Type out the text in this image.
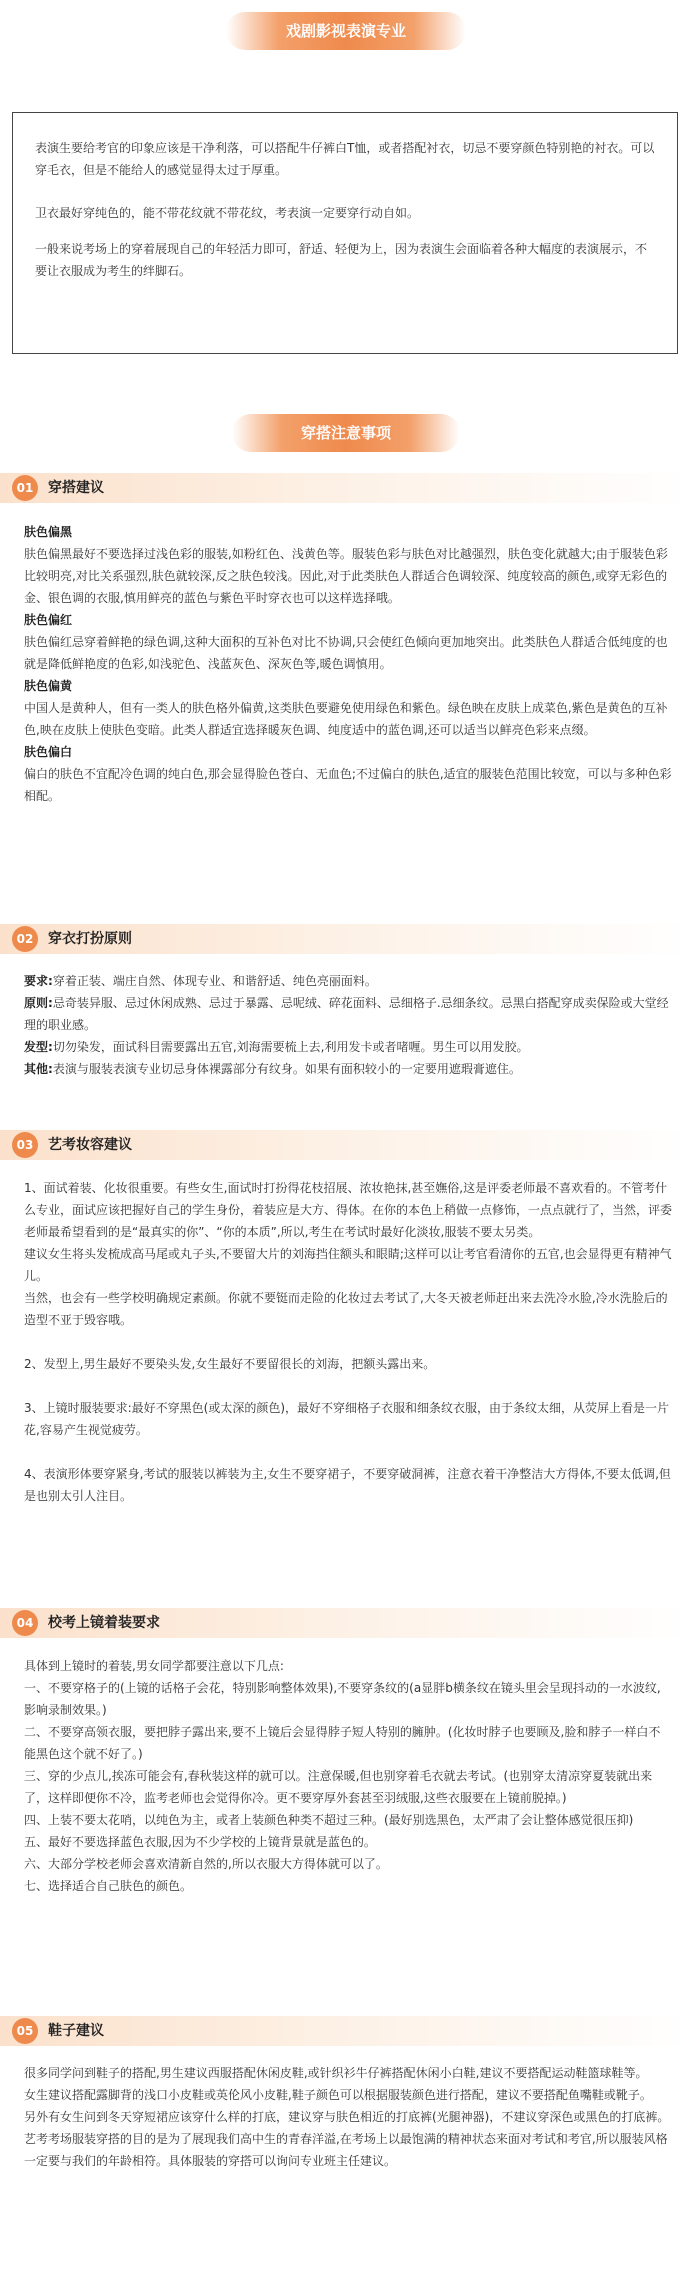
戏剧影视表演专业

表演生要给考官的印象应该是干净利落，可以搭配牛仔裤白T恤，或者搭配衬衣，切忌不要穿颜色特别艳的衬衣。可以穿毛衣，但是不能给人的感觉显得太过于厚重。

卫衣最好穿纯色的，能不带花纹就不带花纹，考表演一定要穿行动自如。

一般来说考场上的穿着展现自己的年轻活力即可，舒适、轻便为上，因为表演生会面临着各种大幅度的表演展示，不要让衣服成为考生的绊脚石。

穿搭注意事项
01	穿搭建议

肤色偏黑

肤色偏黑最好不要选择过浅色彩的服装,如粉红色、浅黄色等。服装色彩与肤色对比越强烈，肤色变化就越大;由于服装色彩比较明亮,对比关系强烈,肤色就较深,反之肤色较浅。因此,对于此类肤色人群适合色调较深、纯度较高的颜色,或穿无彩色的金、银色调的衣服,慎用鲜亮的蓝色与紫色平时穿衣也可以这样选择哦。

肤色偏红

肤色偏红忌穿着鲜艳的绿色调,这种大面积的互补色对比不协调,只会使红色倾向更加地突出。此类肤色人群适合低纯度的也就是降低鲜艳度的色彩,如浅驼色、浅蓝灰色、深灰色等,暖色调慎用。

肤色偏黄

中国人是黄种人，但有一类人的肤色格外偏黄,这类肤色要避免使用绿色和紫色。绿色映在皮肤上成菜色,紫色是黄色的互补色,映在皮肤上使肤色变暗。此类人群适宜选择暖灰色调、纯度适中的蓝色调,还可以适当以鲜亮色彩来点缀。

肤色偏白

偏白的肤色不宜配冷色调的纯白色,那会显得脸色苍白、无血色;不过偏白的肤色,适宜的服装色范围比较宽，可以与多种色彩相配。

02	穿衣打扮原则

要求:穿着正装、端庄自然、体现专业、和谐舒适、纯色亮丽面料。

原则:忌奇装异服、忌过休闲成熟、忌过于暴露、忌呢绒、碎花面料、忌细格子.忌细条纹。忌黑白搭配穿成卖保险或大堂经理的职业感。

发型:切勿染发，面试科目需要露出五官,刘海需要梳上去,利用发卡或者啫喱。男生可以用发胶。

其他:表演与服装表演专业切忌身体裸露部分有纹身。如果有面积较小的一定要用遮瑕膏遮住。

03	艺考妆容建议

1、面试着装、化妆很重要。有些女生,面试时打扮得花枝招展、浓妆艳抹,甚至嫵俗,这是评委老师最不喜欢看的。不管考什么专业，面试应该把握好自己的学生身份，着装应是大方、得体。在你的本色上稍做一点修饰，一点点就行了，当然，评委老师最希望看到的是“最真实的你”、“你的本质”,所以,考生在考试时最好化淡妆,服装不要太另类。

建议女生将头发梳成高马尾或丸子头,不要留大片的刘海挡住额头和眼睛;这样可以让考官看清你的五官,也会显得更有精神气儿。

当然，也会有一些学校明确规定素颜。你就不要铤而走险的化妆过去考试了,大冬天被老师赶出来去洗冷水脸,冷水洗脸后的造型不亚于毁容哦。

2、发型上,男生最好不要染头发,女生最好不要留很长的刘海，把额头露出来。

3、上镜时服装要求:最好不穿黑色(或太深的颜色)，最好不穿细格子衣服和细条纹衣服，由于条纹太细，从荧屏上看是一片花,容易产生视觉疲劳。

4、表演形体要穿紧身,考试的服装以裤装为主,女生不要穿裙子，不要穿破洞裤，注意衣着干净整洁大方得体,不要太低调,但是也别太引人注目。

04	校考上镜着装要求

具体到上镜时的着装,男女同学都要注意以下几点:

一、不要穿格子的(上镜的话格子会花，特别影响整体效果),不要穿条纹的(a显胖b横条纹在镜头里会呈现抖动的一水波纹,影响录制效果。)

二、不要穿高领衣服，要把脖子露出来,要不上镜后会显得脖子短人特别的臃肿。(化妆时脖子也要顾及,脸和脖子一样白不能黑色这个就不好了。)

三、穿的少点儿,挨冻可能会有,春秋装这样的就可以。注意保暖,但也别穿着毛衣就去考试。(也别穿太清凉穿夏装就出来了，这样即便你不冷，监考老师也会觉得你冷。更不要穿厚外套甚至羽绒服,这些衣服要在上镜前脱掉。)

四、上装不要太花哨，以纯色为主，或者上装颜色种类不超过三种。(最好别选黑色，太严肃了会让整体感觉很压抑)

五、最好不要选择蓝色衣服,因为不少学校的上镜背景就是蓝色的。

六、大部分学校老师会喜欢清新自然的,所以衣服大方得体就可以了。

七、选择适合自己肤色的颜色。

05	鞋子建议

很多同学问到鞋子的搭配,男生建议西服搭配休闲皮鞋,或针织衫牛仔裤搭配休闲小白鞋,建议不要搭配运动鞋篮球鞋等。

女生建议搭配露脚背的浅口小皮鞋或英伦风小皮鞋,鞋子颜色可以根据服装颜色进行搭配，建议不要搭配鱼嘴鞋或靴子。

另外有女生问到冬天穿短裙应该穿什么样的打底，建议穿与肤色相近的打底裤(光腿神器)，不建议穿深色或黑色的打底裤。

艺考考场服装穿搭的目的是为了展现我们高中生的青春洋溢,在考场上以最饱满的精神状态来面对考试和考官,所以服装风格一定要与我们的年龄相符。具体服装的穿搭可以询问专业班主任建议。
